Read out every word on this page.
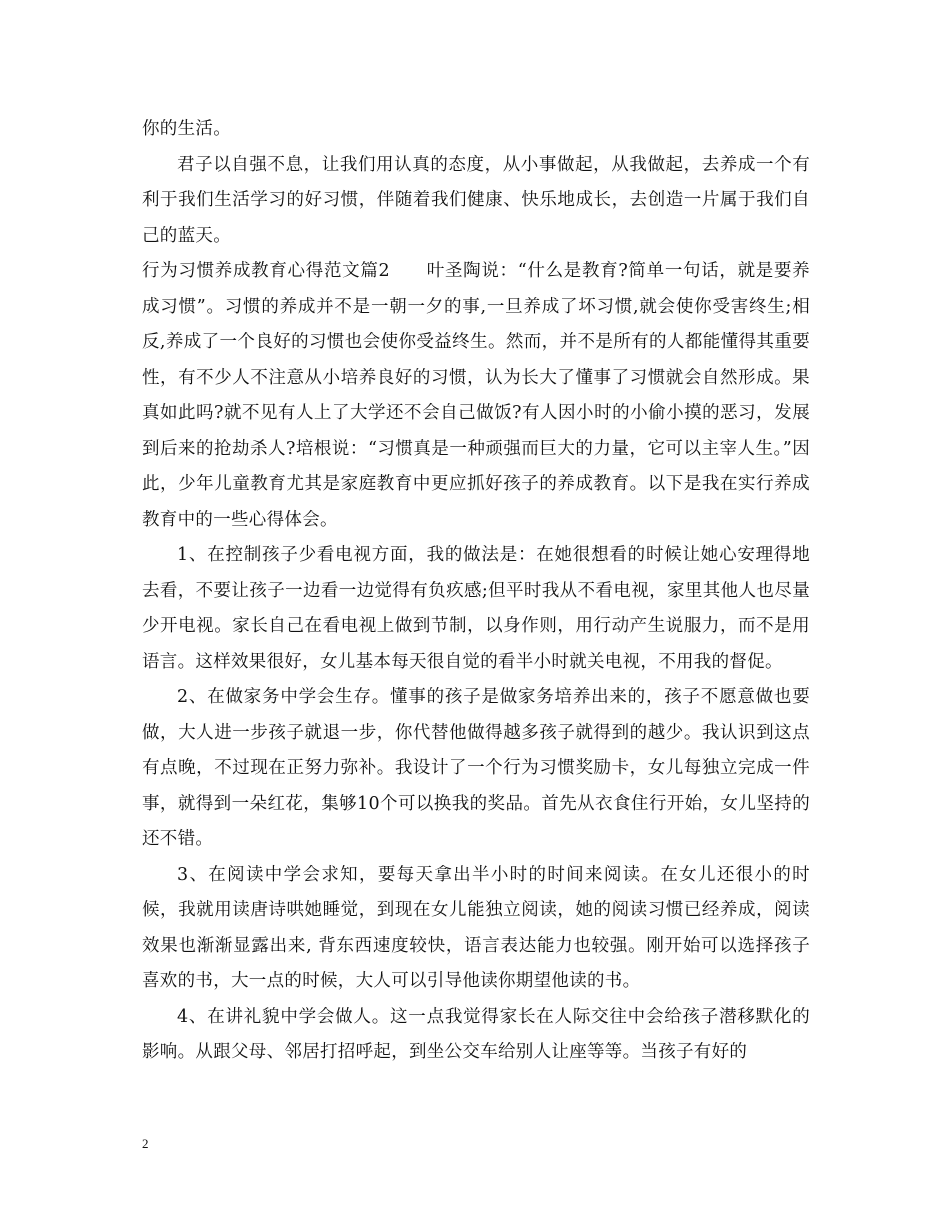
你的生活。

君子以自强不息，让我们用认真的态度，从小事做起，从我做起，去养成一个有利于我们生活学习的好习惯，伴随着我们健康、快乐地成长，去创造一片属于我们自己的蓝天。

行为习惯养成教育心得范文篇2　　叶圣陶说：“什么是教育?简单一句话，就是要养成习惯”。习惯的养成并不是一朝一夕的事,一旦养成了坏习惯,就会使你受害终生;相反,养成了一个良好的习惯也会使你受益终生。然而，并不是所有的人都能懂得其重要性，有不少人不注意从小培养良好的习惯，认为长大了懂事了习惯就会自然形成。果真如此吗?就不见有人上了大学还不会自己做饭?有人因小时的小偷小摸的恶习，发展到后来的抢劫杀人?培根说：“习惯真是一种顽强而巨大的力量，它可以主宰人生。”因此，少年儿童教育尤其是家庭教育中更应抓好孩子的养成教育。以下是我在实行养成教育中的一些心得体会。

1、在控制孩子少看电视方面，我的做法是：在她很想看的时候让她心安理得地去看，不要让孩子一边看一边觉得有负疚感;但平时我从不看电视，家里其他人也尽量少开电视。家长自己在看电视上做到节制，以身作则，用行动产生说服力，而不是用语言。这样效果很好，女儿基本每天很自觉的看半小时就关电视，不用我的督促。

2、在做家务中学会生存。懂事的孩子是做家务培养出来的，孩子不愿意做也要做，大人进一步孩子就退一步，你代替他做得越多孩子就得到的越少。我认识到这点有点晚，不过现在正努力弥补。我设计了一个行为习惯奖励卡，女儿每独立完成一件事，就得到一朵红花，集够10个可以换我的奖品。首先从衣食住行开始，女儿坚持的还不错。

3、在阅读中学会求知，要每天拿出半小时的时间来阅读。在女儿还很小的时候，我就用读唐诗哄她睡觉，到现在女儿能独立阅读，她的阅读习惯已经养成，阅读效果也渐渐显露出来, 背东西速度较快，语言表达能力也较强。刚开始可以选择孩子喜欢的书，大一点的时候，大人可以引导他读你期望他读的书。

4、在讲礼貌中学会做人。这一点我觉得家长在人际交往中会给孩子潜移默化的影响。从跟父母、邻居打招呼起，到坐公交车给别人让座等等。当孩子有好的

2
